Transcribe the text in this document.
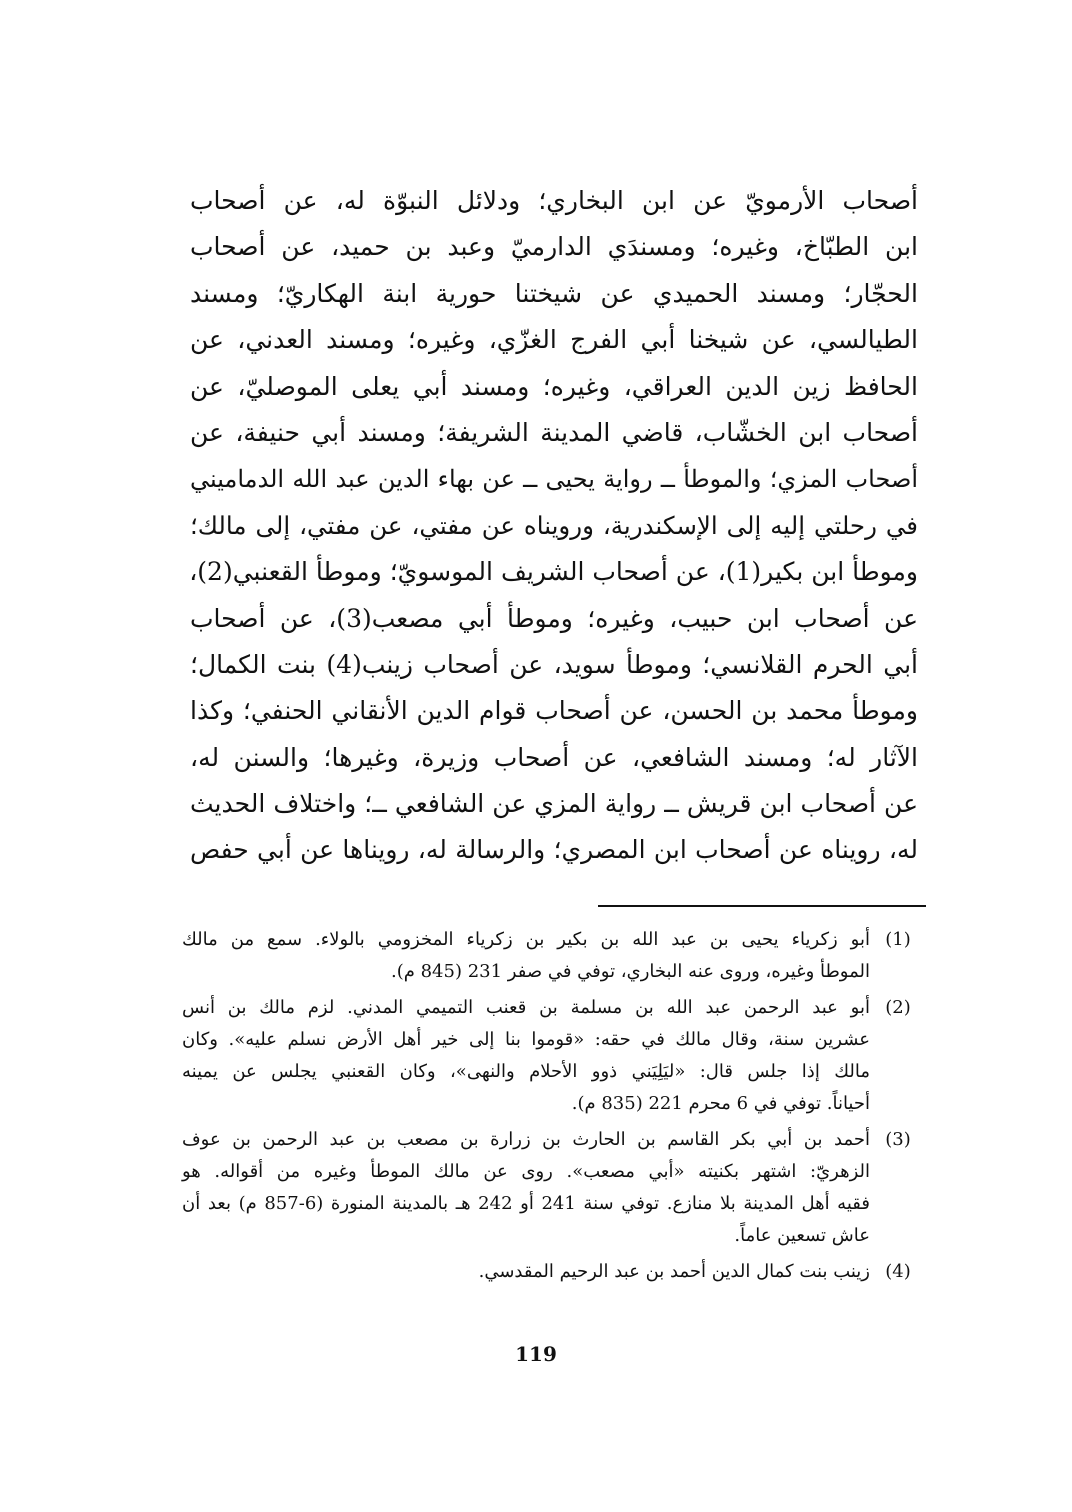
أصحاب الأرمويّ عن ابن البخاري؛ ودلائل النبوّة له، عن أصحاب
ابن الطبّاخ، وغيره؛ ومسندَي الدارميّ وعبد بن حميد، عن أصحاب
الحجّار؛ ومسند الحميدي عن شيختنا حورية ابنة الهكاريّ؛ ومسند
الطيالسي، عن شيخنا أبي الفرج الغزّي، وغيره؛ ومسند العدني، عن
الحافظ زين الدين العراقي، وغيره؛ ومسند أبي يعلى الموصليّ، عن
أصحاب ابن الخشّاب، قاضي المدينة الشريفة؛ ومسند أبي حنيفة، عن
أصحاب المزي؛ والموطأ ــ رواية يحيى ــ عن بهاء الدين عبد الله الدماميني
في رحلتي إليه إلى الإسكندرية، ورويناه عن مفتي، عن مفتي، إلى مالك؛
وموطأ ابن بكير(1)، عن أصحاب الشريف الموسويّ؛ وموطأ القعنبي(2)،
عن أصحاب ابن حبيب، وغيره؛ وموطأ أبي مصعب(3)، عن أصحاب
أبي الحرم القلانسي؛ وموطأ سويد، عن أصحاب زينب(4) بنت الكمال؛
وموطأ محمد بن الحسن، عن أصحاب قوام الدين الأنقاني الحنفي؛ وكذا
الآثار له؛ ومسند الشافعي، عن أصحاب وزيرة، وغيرها؛ والسنن له،
عن أصحاب ابن قريش ــ رواية المزي عن الشافعي ــ؛ واختلاف الحديث
له، رويناه عن أصحاب ابن المصري؛ والرسالة له، رويناها عن أبي حفص
(1)
أبو زكرياء يحيى بن عبد الله بن بكير بن زكرياء المخزومي بالولاء. سمع من مالك
الموطأ وغيره، وروى عنه البخاري، توفي في صفر 231 (845 م).
(2)
أبو عبد الرحمن عبد الله بن مسلمة بن قعنب التميمي المدني. لزم مالك بن أنس
عشرين سنة، وقال مالك في حقه: «قوموا بنا إلى خير أهل الأرض نسلم عليه». وكان
مالك إذا جلس قال: «ليَلِيَني ذوو الأحلام والنهى»، وكان القعنبي يجلس عن يمينه
أحياناً. توفي في 6 محرم 221 (835 م).
(3)
أحمد بن أبي بكر القاسم بن الحارث بن زرارة بن مصعب بن عبد الرحمن بن عوف
الزهريّ: اشتهر بكنيته «أبي مصعب». روى عن مالك الموطأ وغيره من أقواله. هو
فقيه أهل المدينة بلا منازع. توفي سنة 241 أو 242 هـ بالمدينة المنورة (6-857 م) بعد أن
عاش تسعين عاماً.
(4)
زينب بنت كمال الدين أحمد بن عبد الرحيم المقدسي.
119
